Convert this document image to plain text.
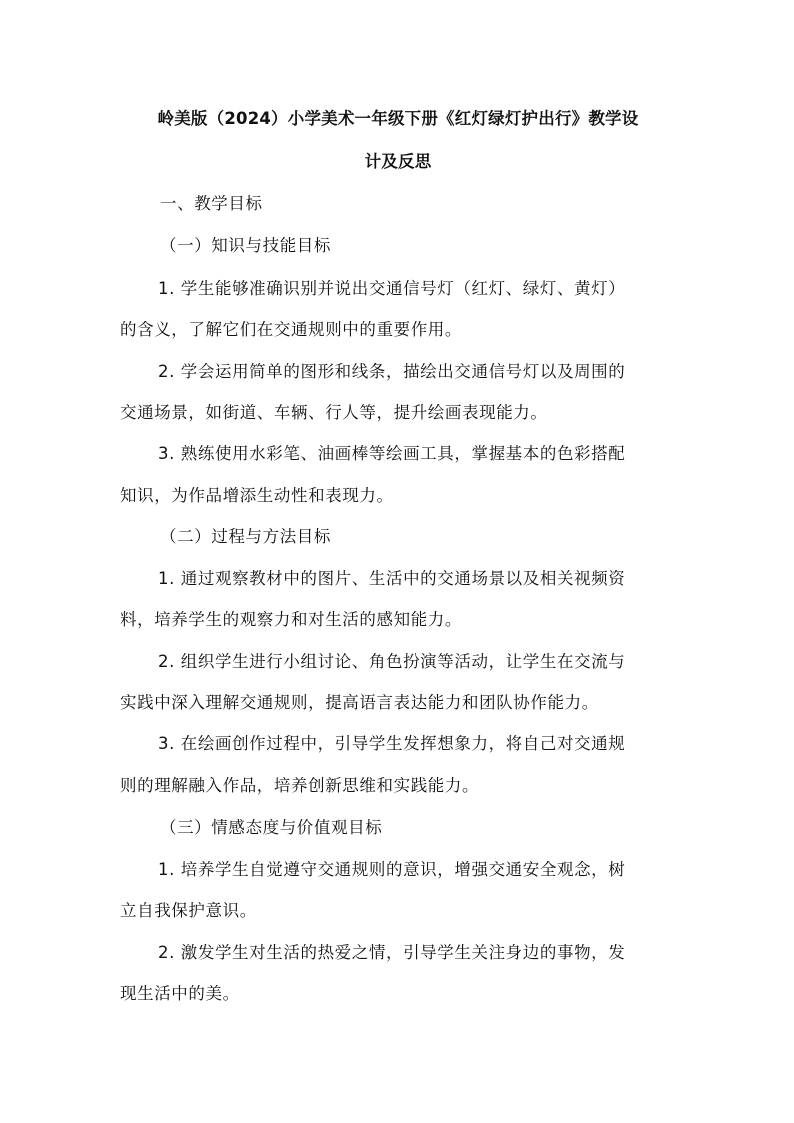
岭美版（2024）小学美术一年级下册《红灯绿灯护出行》教学设
计及反思
一、教学目标
（一）知识与技能目标
1. 学生能够准确识别并说出交通信号灯（红灯、绿灯、黄灯）
的含义，了解它们在交通规则中的重要作用。
2. 学会运用简单的图形和线条，描绘出交通信号灯以及周围的
交通场景，如街道、车辆、行人等，提升绘画表现能力。
3. 熟练使用水彩笔、油画棒等绘画工具，掌握基本的色彩搭配
知识，为作品增添生动性和表现力。
（二）过程与方法目标
1. 通过观察教材中的图片、生活中的交通场景以及相关视频资
料，培养学生的观察力和对生活的感知能力。
2. 组织学生进行小组讨论、角色扮演等活动，让学生在交流与
实践中深入理解交通规则，提高语言表达能力和团队协作能力。
3. 在绘画创作过程中，引导学生发挥想象力，将自己对交通规
则的理解融入作品，培养创新思维和实践能力。
（三）情感态度与价值观目标
1. 培养学生自觉遵守交通规则的意识，增强交通安全观念，树
立自我保护意识。
2. 激发学生对生活的热爱之情，引导学生关注身边的事物，发
现生活中的美。
